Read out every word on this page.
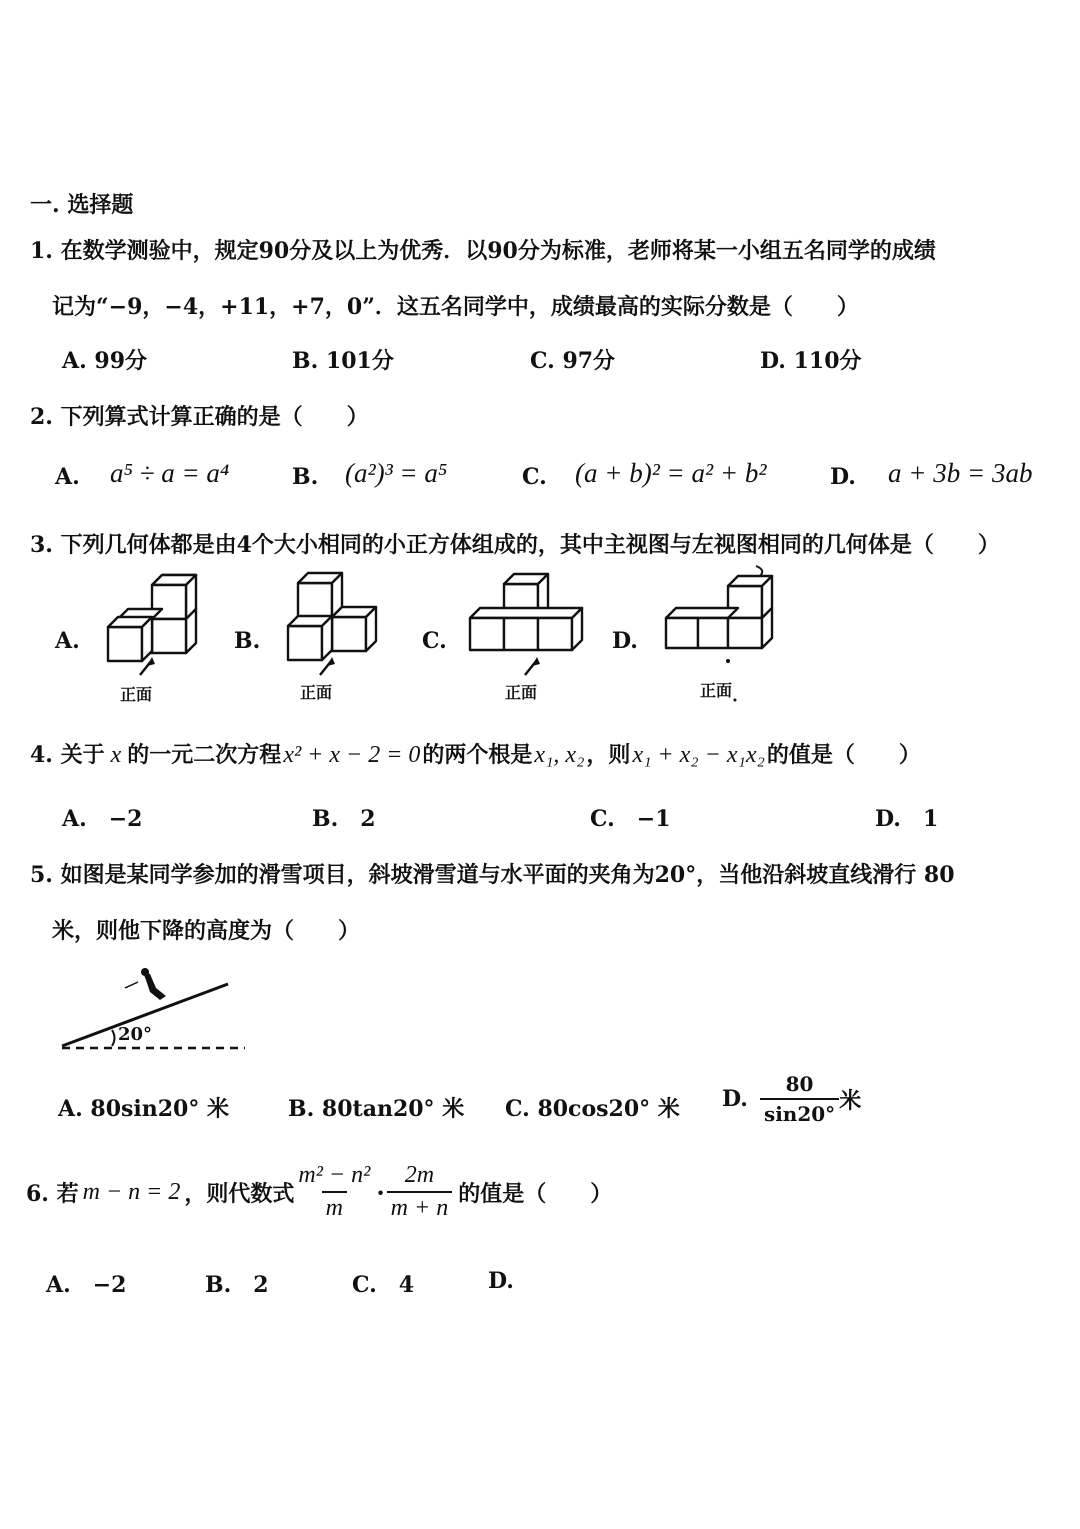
一. 选择题
1. 在数学测验中，规定90分及以上为优秀．以90分为标准，老师将某一小组五名同学的成绩
记为“−9，−4，+11，+7，0”．这五名同学中，成绩最高的实际分数是（　　）
A. 99分	B. 101分	C. 97分	D. 110分
2. 下列算式计算正确的是（　　）
A. a⁵ ÷ a = a⁴	B. (a²)³ = a⁵	C. (a + b)² = a² + b²	D. a + 3b = 3ab
3. 下列几何体都是由4个大小相同的小正方体组成的，其中主视图与左视图相同的几何体是（　　）
A.	B.	C.	D.
正面	正面	正面	正面
4. 关于 x 的一元二次方程 x² + x − 2 = 0 的两个根是 x₁, x₂ ，则 x₁ + x₂ − x₁x₂ 的值是（　　）
A.　−2	B.　2	C.　−1	D.　1
5. 如图是某同学参加的滑雪项目，斜坡滑雪道与水平面的夹角为20°，当他沿斜坡直线滑行 80
米，则他下降的高度为（　　）
20°
A. 80sin20° 米	B. 80tan20° 米 C. 80cos20° 米 D. $\frac{80}{\sin 20^\circ}$ 米
6. 若 m − n = 2 ，则代数式 $\frac{\text{m² − n²}}{m} \cdot \frac{2m}{m + n}$ 的值是（　　）
A.　−2	B.　2	C.　4	D.
